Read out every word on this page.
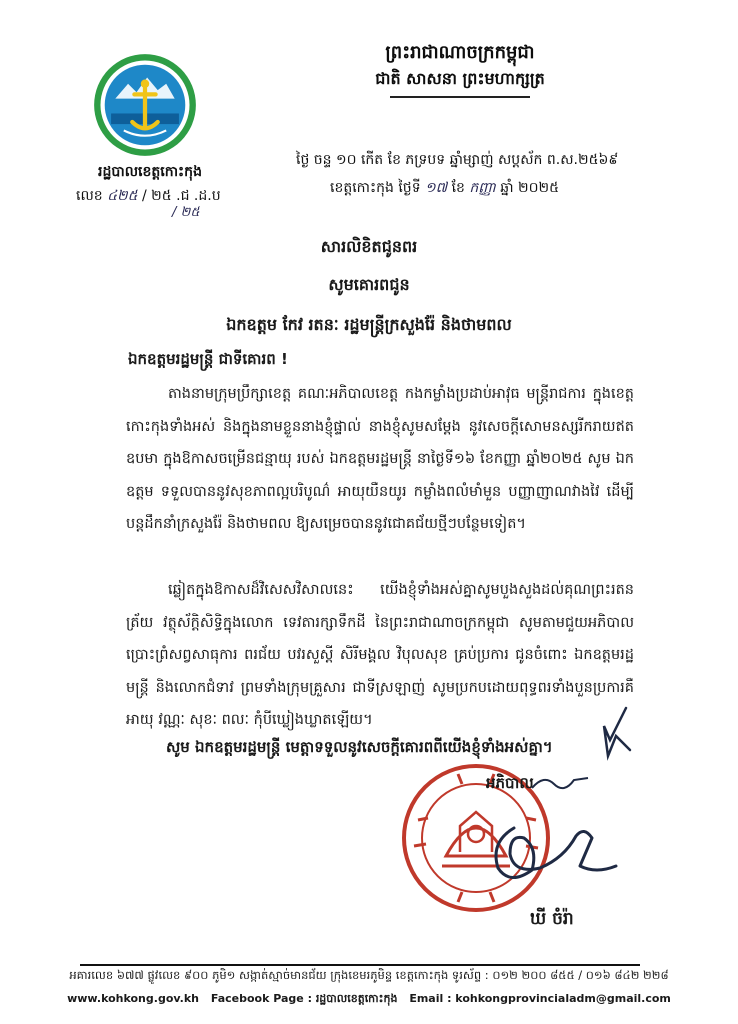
រដ្ឋបាលខេត្តកោះកុង
លេខ ៤២៥ / ២៥ .ជ .ដ.ប
/ ២៥
ព្រះរាជាណាចក្រកម្ពុជា
ជាតិ សាសនា ព្រះមហាក្សត្រ
ថ្ងៃ ចន្ទ ១០ កើត ខែ ភទ្របទ ឆ្នាំម្សាញ់ សប្តស័ក ព.ស.២៥៦៩
ខេត្តកោះកុង ថ្ងៃទី ១៧ ខែ កញ្ញា ឆ្នាំ ២០២៥
សារលិខិតជូនពរ
សូមគោរពជូន
ឯកឧត្តម កែវ រតនៈ រដ្ឋមន្ត្រីក្រសួងរ៉ែ និងថាមពល
ឯកឧត្តមរដ្ឋមន្ត្រី ជាទីគោរព !

តាងនាមក្រុមប្រឹក្សាខេត្ត គណៈអភិបាលខេត្ត កងកម្លាំងប្រដាប់អាវុធ មន្ត្រីរាជការ ក្នុងខេត្តកោះកុងទាំងអស់ និងក្នុងនាមខ្លួននាងខ្ញុំផ្ទាល់ នាងខ្ញុំសូមសម្តែង នូវសេចក្តីសោមនស្សរីករាយឥតឧបមា ក្នុងឱកាសចម្រើនជន្មាយុ របស់ ឯកឧត្តមរដ្ឋមន្ត្រី នាថ្ងៃទី១៦ ខែកញ្ញា ឆ្នាំ២០២៥ សូម ឯកឧត្តម ទទួលបាននូវសុខភាពល្អបរិបូណ៌ អាយុយឺនយូរ កម្លាំងពលំមាំមួន បញ្ញាញាណវាងវៃ ដើម្បីបន្តដឹកនាំក្រសួងរ៉ែ និងថាមពល ឱ្យសម្រេចបាននូវជោគជ័យថ្មីៗបន្ថែមទៀត។

ឆ្លៀតក្នុងឱកាសដ៏វិសេសវិសាលនេះ យើងខ្ញុំទាំងអស់គ្នាសូមបួងសួងដល់គុណព្រះរតនត្រ័យ វត្ថុស័ក្តិសិទ្ធិក្នុងលោក ទេវតារក្សាទឹកដី នៃព្រះរាជាណាចក្រកម្ពុជា សូមតាមជួយអភិបាល ប្រោះព្រំសព្វសាធុការ ពរជ័យ បវរសួស្តី សិរីមង្គល វិបុលសុខ គ្រប់ប្រការ ជូនចំពោះ ឯកឧត្តមរដ្ឋមន្ត្រី និងលោកជំទាវ ព្រមទាំងក្រុមគ្រួសារ ជាទីស្រឡាញ់ សូមប្រកបដោយពុទ្ធពរទាំងបួនប្រការគឺ អាយុ វណ្ណៈ សុខៈ ពលៈ កុំបីឃ្លៀងឃ្លាតឡើយ។

សូម ឯកឧត្តមរដ្ឋមន្ត្រី មេត្តាទទួលនូវសេចក្តីគោរពពីយើងខ្ញុំទាំងអស់គ្នា។
អភិបាល
ឃី ចំរ៉ា
អគារលេខ ៦៧៧ ផ្លូវលេខ ៩០០ ភូមិ១ សង្កាត់ស្មាច់មានជ័យ ក្រុងខេមរភូមិន្ទ ខេត្តកោះកុង ទូរស័ព្ទ : ០១២ ២០០ ៨៥៥ / ០១៦ ៨៤២ ២២៨
www.kohkong.gov.kh Facebook Page : រដ្ឋបាលខេត្តកោះកុង Email : kohkongprovincialadm@gmail.com
